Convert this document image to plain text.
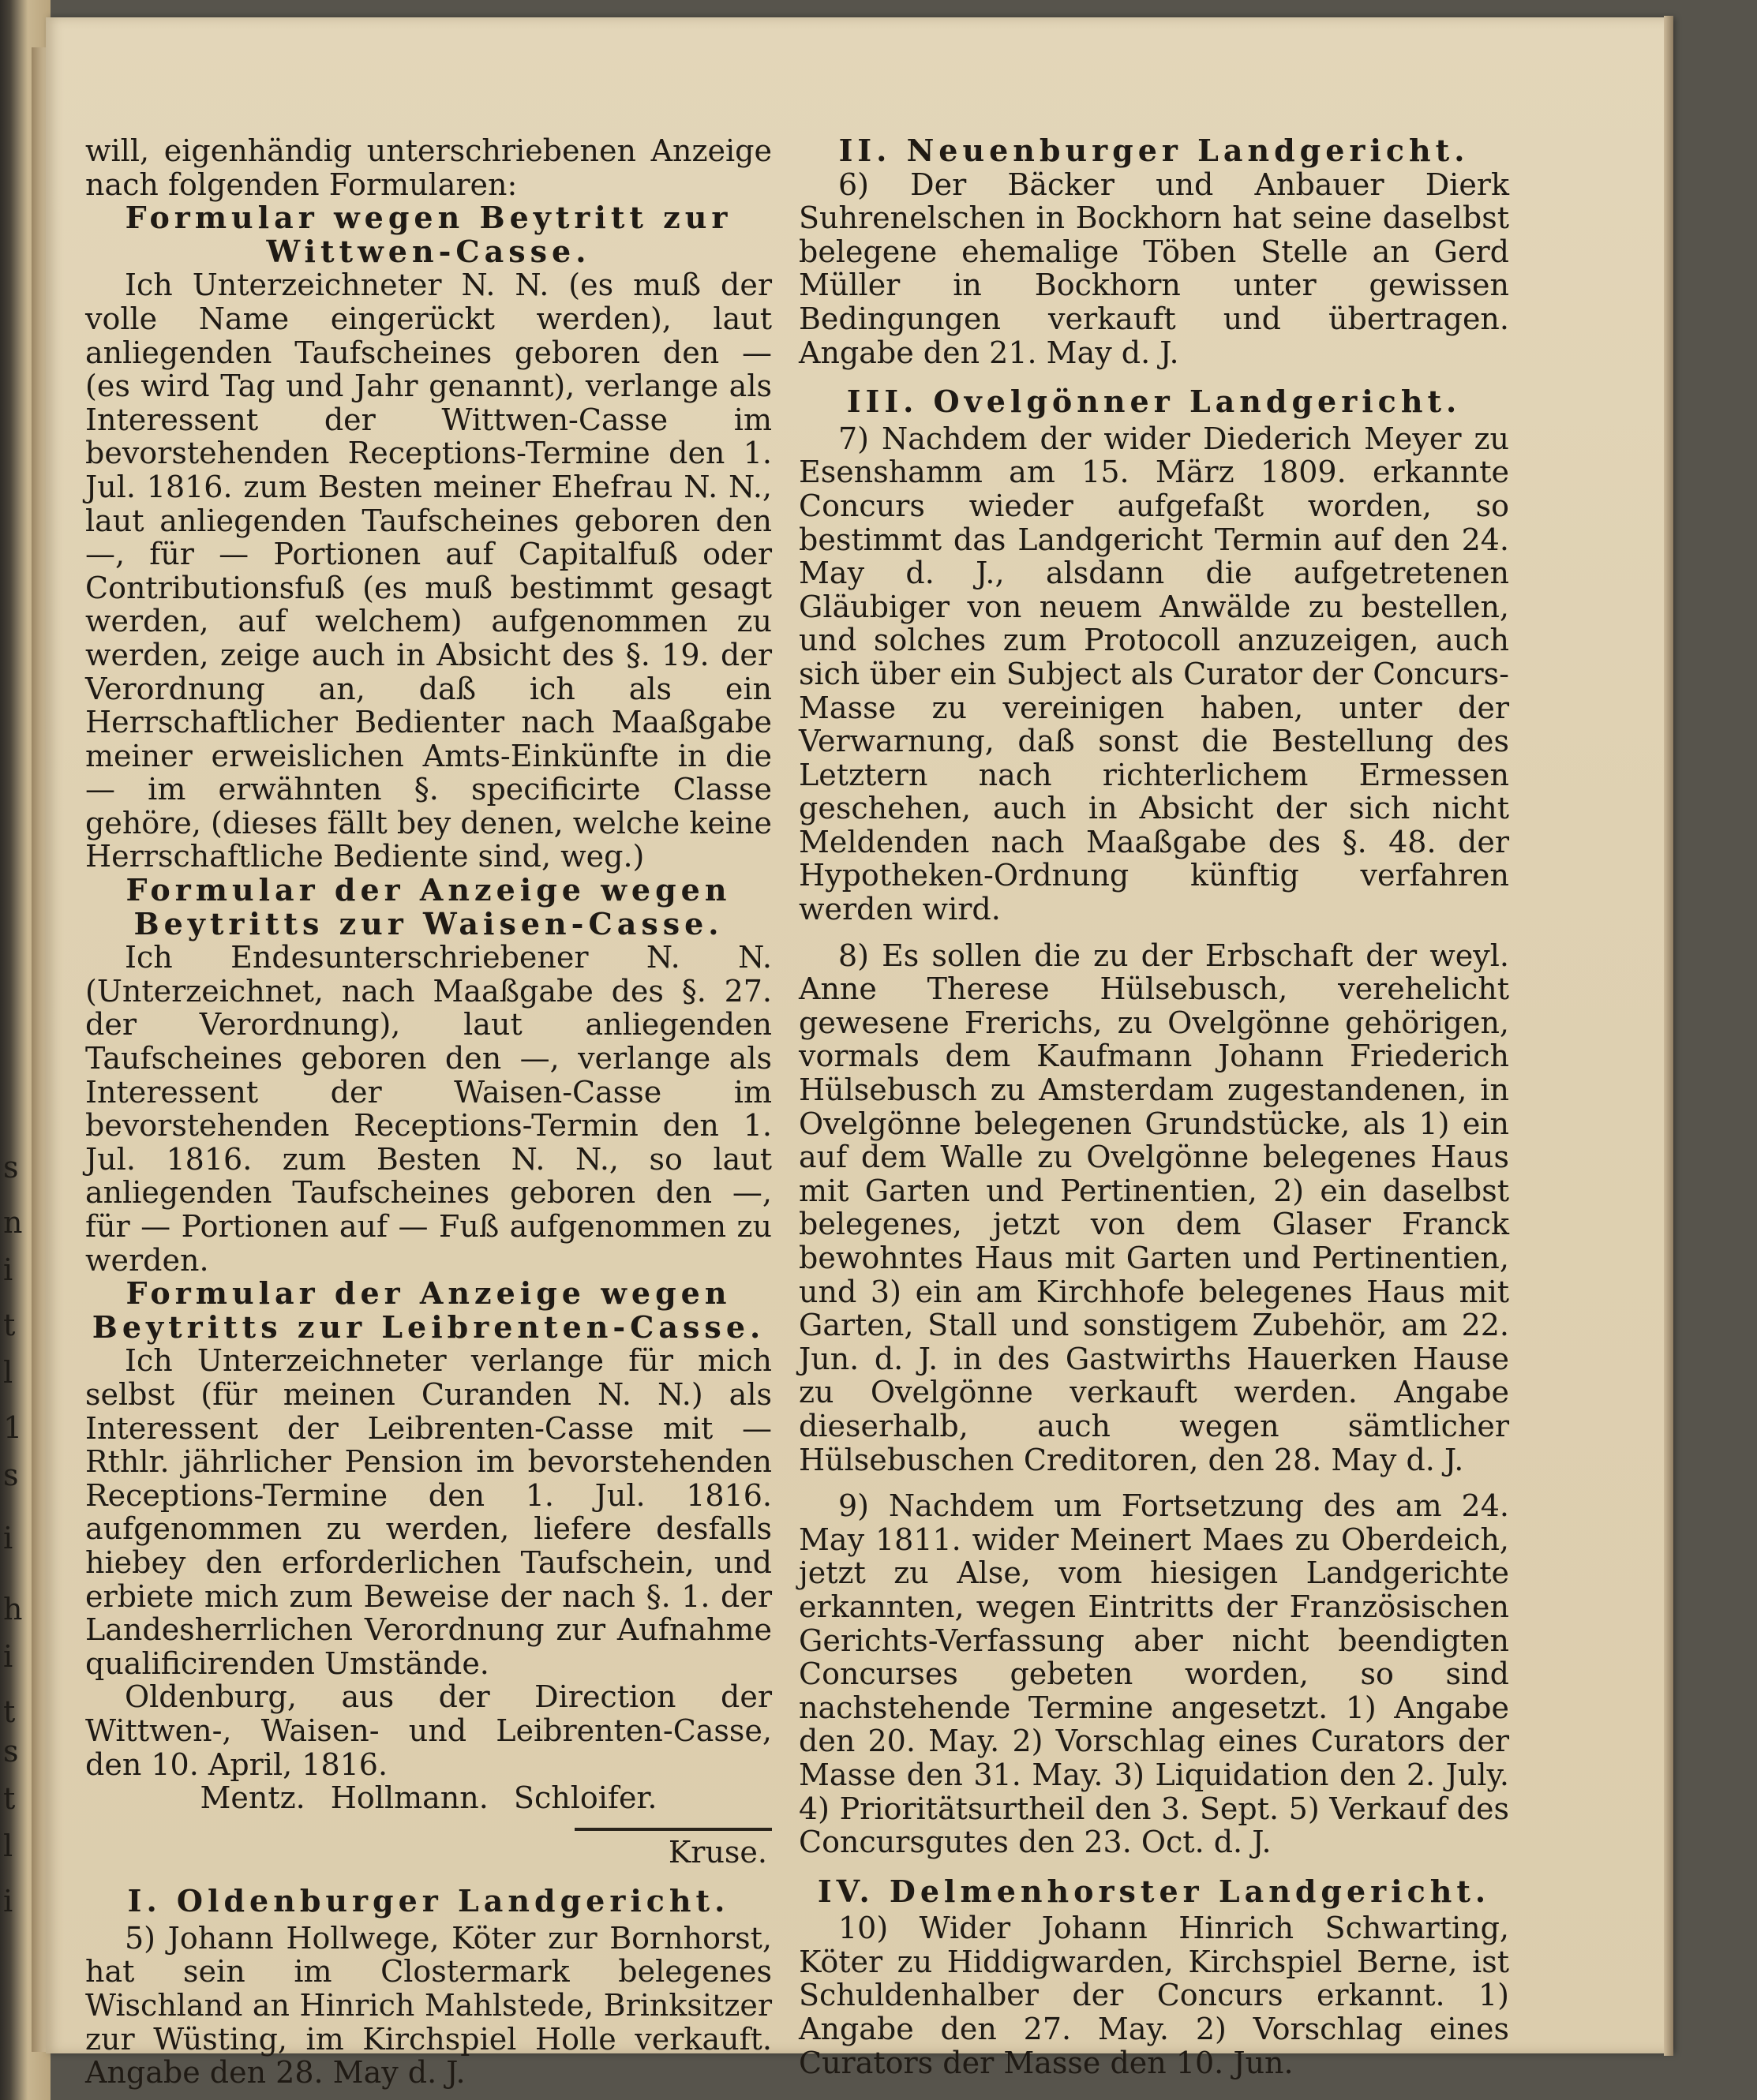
s
n
i
t
l
1
s
i
h
i
t
s
t
l
i

will, eigenhändig unterschriebenen Anzeige nach folgenden Formularen:

Formular wegen Beytritt zur Wittwen-Casse.

Ich Unterzeichneter N. N. (es muß der volle Name eingerückt werden), laut anliegenden Taufscheines geboren den — (es wird Tag und Jahr genannt), verlange als Interessent der Wittwen-Casse im bevorstehenden Receptions-Termine den 1. Jul. 1816. zum Besten meiner Ehefrau N. N., laut anliegenden Taufscheines geboren den —, für — Portionen auf Capitalfuß oder Contributionsfuß (es muß bestimmt gesagt werden, auf welchem) aufgenommen zu werden, zeige auch in Absicht des §. 19. der Verordnung an, daß ich als ein Herrschaftlicher Bedienter nach Maaßgabe meiner erweislichen Amts-Einkünfte in die — im erwähnten §. specificirte Classe gehöre, (dieses fällt bey denen, welche keine Herrschaftliche Bediente sind, weg.)

Formular der Anzeige wegen Beytritts zur Waisen-Casse.

Ich Endesunterschriebener N. N. (Unterzeichnet, nach Maaßgabe des §. 27. der Verordnung), laut anliegenden Taufscheines geboren den —, verlange als Interessent der Waisen-Casse im bevorstehenden Receptions-Termin den 1. Jul. 1816. zum Besten N. N., so laut anliegenden Taufscheines geboren den —, für — Portionen auf — Fuß aufgenommen zu werden.

Formular der Anzeige wegen Beytritts zur Leibrenten-Casse.

Ich Unterzeichneter verlange für mich selbst (für meinen Curanden N. N.) als Interessent der Leibrenten-Casse mit — Rthlr. jährlicher Pension im bevorstehenden Receptions-Termine den 1. Jul. 1816. aufgenommen zu werden, liefere desfalls hiebey den erforderlichen Taufschein, und erbiete mich zum Beweise der nach §. 1. der Landesherrlichen Verordnung zur Aufnahme qualificirenden Umstände.

Oldenburg, aus der Direction der Wittwen-, Waisen- und Leibrenten-Casse, den 10. April, 1816.

Mentz. Hollmann. Schloifer.

Kruse.

I. Oldenburger Landgericht.

5) Johann Hollwege, Köter zur Bornhorst, hat sein im Clostermark belegenes Wischland an Hinrich Mahlstede, Brinksitzer zur Wüsting, im Kirchspiel Holle verkauft. Angabe den 28. May d. J.

II. Neuenburger Landgericht.

6) Der Bäcker und Anbauer Dierk Suhrenelschen in Bockhorn hat seine daselbst belegene ehemalige Töben Stelle an Gerd Müller in Bockhorn unter gewissen Bedingungen verkauft und übertragen. Angabe den 21. May d. J.

III. Ovelgönner Landgericht.

7) Nachdem der wider Diederich Meyer zu Esenshamm am 15. März 1809. erkannte Concurs wieder aufgefaßt worden, so bestimmt das Landgericht Termin auf den 24. May d. J., alsdann die aufgetretenen Gläubiger von neuem Anwälde zu bestellen, und solches zum Protocoll anzuzeigen, auch sich über ein Subject als Curator der Concurs-Masse zu vereinigen haben, unter der Verwarnung, daß sonst die Bestellung des Letztern nach richterlichem Ermessen geschehen, auch in Absicht der sich nicht Meldenden nach Maaßgabe des §. 48. der Hypotheken-Ordnung künftig verfahren werden wird.

8) Es sollen die zu der Erbschaft der weyl. Anne Therese Hülsebusch, verehelicht gewesene Frerichs, zu Ovelgönne gehörigen, vormals dem Kaufmann Johann Friederich Hülsebusch zu Amsterdam zugestandenen, in Ovelgönne belegenen Grundstücke, als 1) ein auf dem Walle zu Ovelgönne belegenes Haus mit Garten und Pertinentien, 2) ein daselbst belegenes, jetzt von dem Glaser Franck bewohntes Haus mit Garten und Pertinentien, und 3) ein am Kirchhofe belegenes Haus mit Garten, Stall und sonstigem Zubehör, am 22. Jun. d. J. in des Gastwirths Hauerken Hause zu Ovelgönne verkauft werden. Angabe dieserhalb, auch wegen sämtlicher Hülsebuschen Creditoren, den 28. May d. J.

9) Nachdem um Fortsetzung des am 24. May 1811. wider Meinert Maes zu Oberdeich, jetzt zu Alse, vom hiesigen Landgerichte erkannten, wegen Eintritts der Französischen Gerichts-Verfassung aber nicht beendigten Concurses gebeten worden, so sind nachstehende Termine angesetzt. 1) Angabe den 20. May. 2) Vorschlag eines Curators der Masse den 31. May. 3) Liquidation den 2. July. 4) Prioritätsurtheil den 3. Sept. 5) Verkauf des Concursgutes den 23. Oct. d. J.

IV. Delmenhorster Landgericht.

10) Wider Johann Hinrich Schwarting, Köter zu Hiddigwarden, Kirchspiel Berne, ist Schuldenhalber der Concurs erkannt. 1) Angabe den 27. May. 2) Vorschlag eines Curators der Masse den 10. Jun.
